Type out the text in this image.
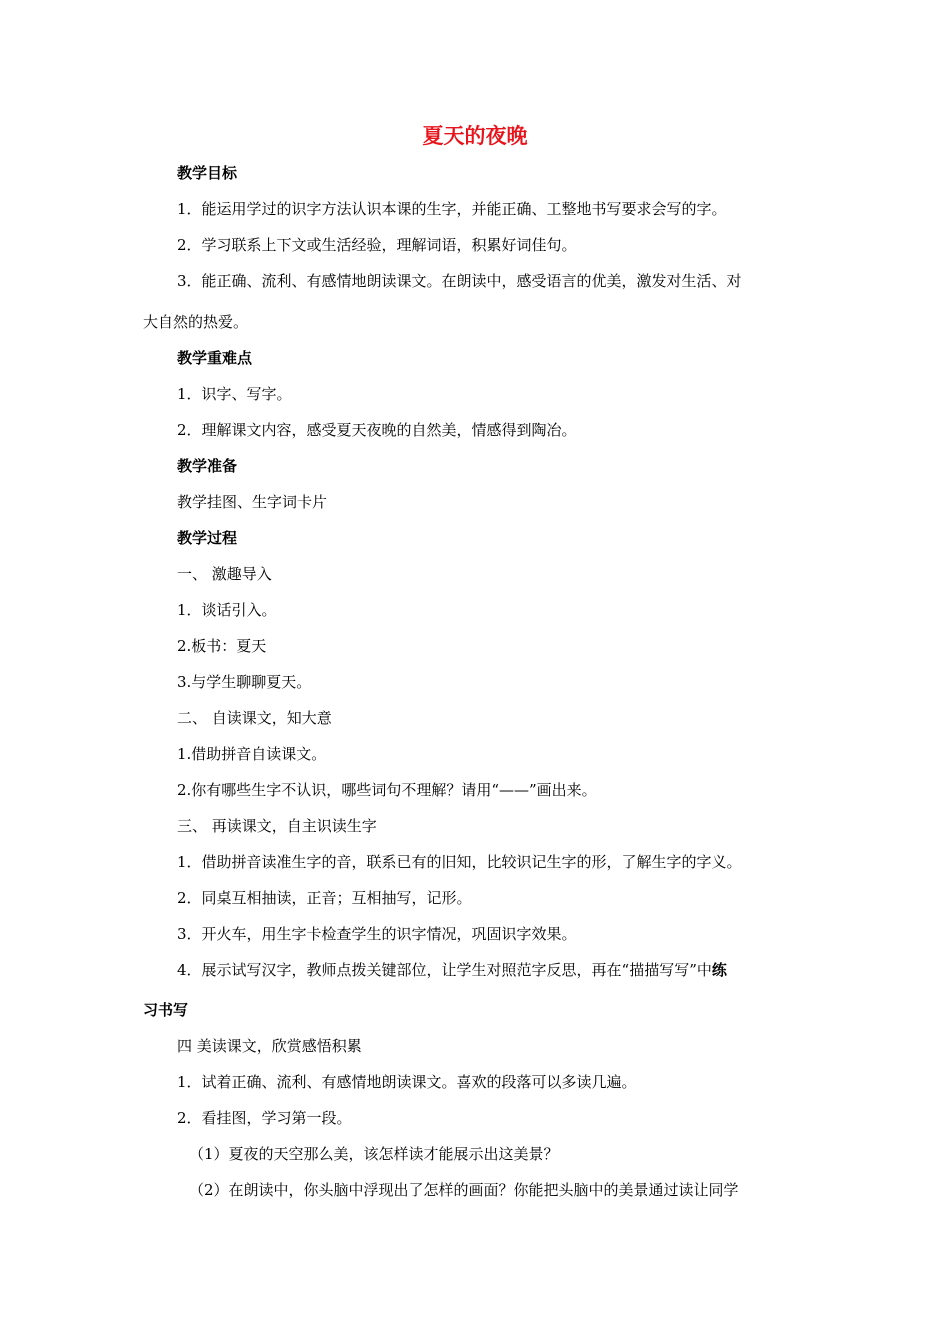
夏天的夜晚
教学目标
1．能运用学过的识字方法认识本课的生字，并能正确、工整地书写要求会写的字。
2．学习联系上下文或生活经验，理解词语，积累好词佳句。
3．能正确、流利、有感情地朗读课文。在朗读中，感受语言的优美，激发对生活、对
大自然的热爱。
教学重难点
1．识字、写字。
2．理解课文内容，感受夏天夜晚的自然美，情感得到陶冶。
教学准备
教学挂图、生字词卡片
教学过程
一、 激趣导入
1．谈话引入。
2.板书：夏天
3.与学生聊聊夏天。
二、 自读课文，知大意
1.借助拼音自读课文。
2.你有哪些生字不认识，哪些词句不理解？请用“——”画出来。
三、 再读课文，自主识读生字
1．借助拼音读准生字的音，联系已有的旧知，比较识记生字的形，了解生字的字义。
2．同桌互相抽读，正音；互相抽写，记形。
3．开火车，用生字卡检查学生的识字情况，巩固识字效果。
4．展示试写汉字，教师点拨关键部位，让学生对照范字反思，再在“描描写写”中练
习书写
四 美读课文，欣赏感悟积累
1．试着正确、流利、有感情地朗读课文。喜欢的段落可以多读几遍。
2．看挂图，学习第一段。
（1）夏夜的天空那么美，该怎样读才能展示出这美景？
（2）在朗读中，你头脑中浮现出了怎样的画面？你能把头脑中的美景通过读让同学
